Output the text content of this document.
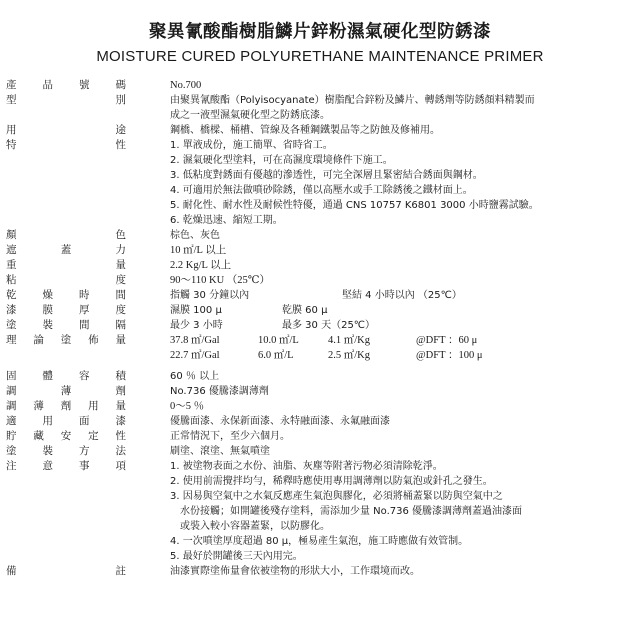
聚異氰酸酯樹脂鱗片鋅粉濕氣硬化型防銹漆
MOISTURE CURED POLYURETHANE MAINTENANCE PRIMER
產 品 號 碼	No.700
型	別	由聚異氰酸酯（Polyisocyanate）樹脂配合鋅粉及鱗片、轉銹劑等防銹顏料精製而
成之一液型濕氣硬化型之防銹底漆。
用	途	鋼橋、橋樑、桶槽、管線及各種鋼鐵製品等之防蝕及修補用。
特	性	1. 單液成份，施工簡單、省時省工。
2. 濕氣硬化型塗料，可在高濕度環境條件下施工。
3. 低粘度對銹面有優越的滲透性，可完全深層且緊密結合銹面與鋼材。
4. 可適用於無法做噴砂除銹，僅以高壓水或手工除銹後之鐵材面上。
5. 耐化性、耐水性及耐候性特優，通過 CNS 10757 K6801 3000 小時鹽霧試驗。
6. 乾燥迅速、縮短工期。
顏	色	棕色、灰色
遮	蓋	力	10 ㎡/L 以上
重	量	2.2 Kg/L 以上
粘	度	90～110 KU （25℃）
乾 燥 時 間	指觸 30 分鐘以內	堅結 4 小時以內 （25℃）
漆 膜 厚 度	濕膜 100 μ	乾膜 60 μ
塗 裝 間 隔	最少 3 小時	最多 30 天（25℃）
理 論 塗 佈 量	37.8 ㎡/Gal	10.0 ㎡/L	4.1 ㎡/Kg	@DFT ：60 μ
22.7 ㎡/Gal	6.0 ㎡/L	2.5 ㎡/Kg	@DFT ：100 μ
固 體 容 積	60 ％ 以上
調	薄	劑	No.736 優騰漆調薄劑
調 薄 劑 用 量	0～5 ％
適 用 面 漆	優騰面漆、永保新面漆、永特融面漆、永氟融面漆
貯 藏 安 定 性	正常情況下，至少六個月。
塗 裝 方 法	刷塗、滾塗、無氣噴塗
注 意 事 項	1. 被塗物表面之水份、油脂、灰塵等附著污物必須清除乾淨。
2. 使用前需攪拌均勻，稀釋時應使用專用調薄劑以防氣泡或針孔之發生。
3. 因易與空氣中之水氣反應產生氣泡與膠化，必須將桶蓋緊以防與空氣中之
水份接觸；如開罐後殘存塗料，需添加少量 No.736 優騰漆調薄劑蓋過油漆面
或裝入較小容器蓋緊，以防膠化。
4. 一次噴塗厚度超過 80 μ，極易產生氣泡，施工時應做有效管制。
5. 最好於開罐後三天內用完。
備	註	油漆實際塗佈量會依被塗物的形狀大小，工作環境而改。
